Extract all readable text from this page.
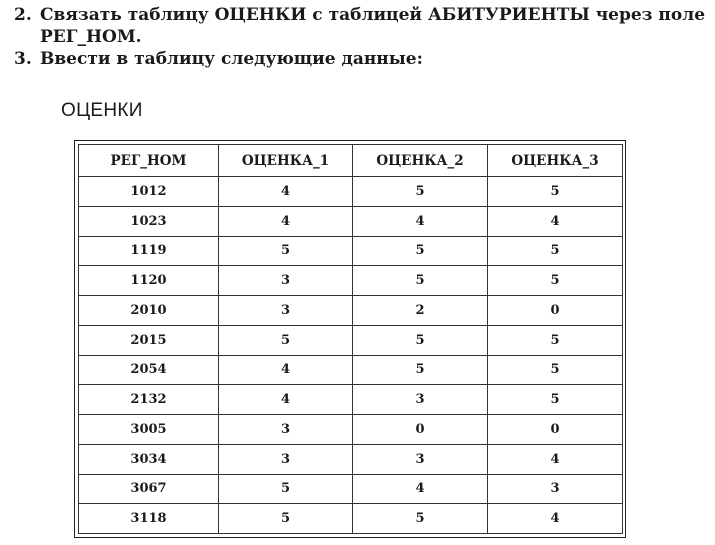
2. Связать таблицу ОЦЕНКИ с таблицей АБИТУРИЕНТЫ через поле РЕГ_НОМ.
3. Ввести в таблицу следующие данные:
ОЦЕНКИ
РЕГ_НОМ	ОЦЕНКА_1	ОЦЕНКА_2	ОЦЕНКА_3
1012	4	5	5
1023	4	4	4
1119	5	5	5
1120	3	5	5
2010	3	2	0
2015	5	5	5
2054	4	5	5
2132	4	3	5
3005	3	0	0
3034	3	3	4
3067	5	4	3
3118	5	5	4
